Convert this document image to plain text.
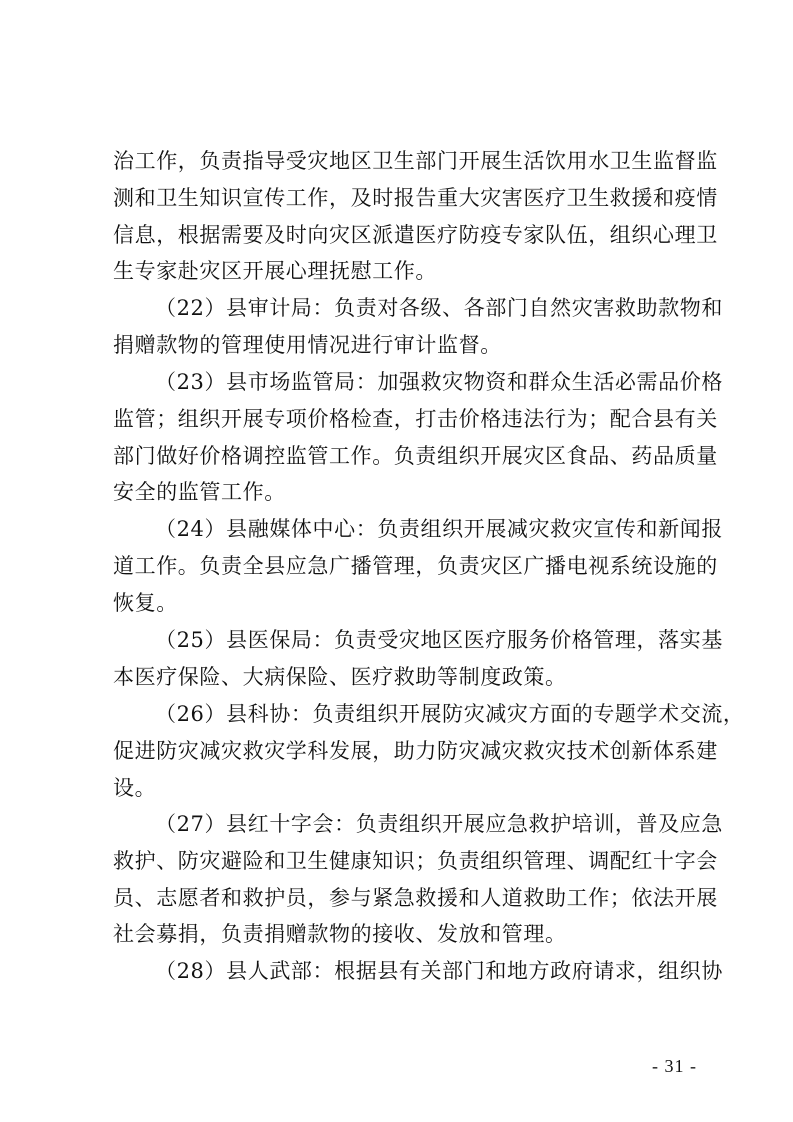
治工作，负责指导受灾地区卫生部门开展生活饮用水卫生监督监
测和卫生知识宣传工作，及时报告重大灾害医疗卫生救援和疫情
信息，根据需要及时向灾区派遣医疗防疫专家队伍，组织心理卫
生专家赴灾区开展心理抚慰工作。
（22）县审计局：负责对各级、各部门自然灾害救助款物和
捐赠款物的管理使用情况进行审计监督。
（23）县市场监管局：加强救灾物资和群众生活必需品价格
监管；组织开展专项价格检查，打击价格违法行为；配合县有关
部门做好价格调控监管工作。负责组织开展灾区食品、药品质量
安全的监管工作。
（24）县融媒体中心：负责组织开展减灾救灾宣传和新闻报
道工作。负责全县应急广播管理，负责灾区广播电视系统设施的
恢复。
（25）县医保局：负责受灾地区医疗服务价格管理，落实基
本医疗保险、大病保险、医疗救助等制度政策。
（26）县科协：负责组织开展防灾减灾方面的专题学术交流，
促进防灾减灾救灾学科发展，助力防灾减灾救灾技术创新体系建
设。
（27）县红十字会：负责组织开展应急救护培训，普及应急
救护、防灾避险和卫生健康知识；负责组织管理、调配红十字会
员、志愿者和救护员，参与紧急救援和人道救助工作；依法开展
社会募捐，负责捐赠款物的接收、发放和管理。
（28）县人武部：根据县有关部门和地方政府请求，组织协
- 31 -
